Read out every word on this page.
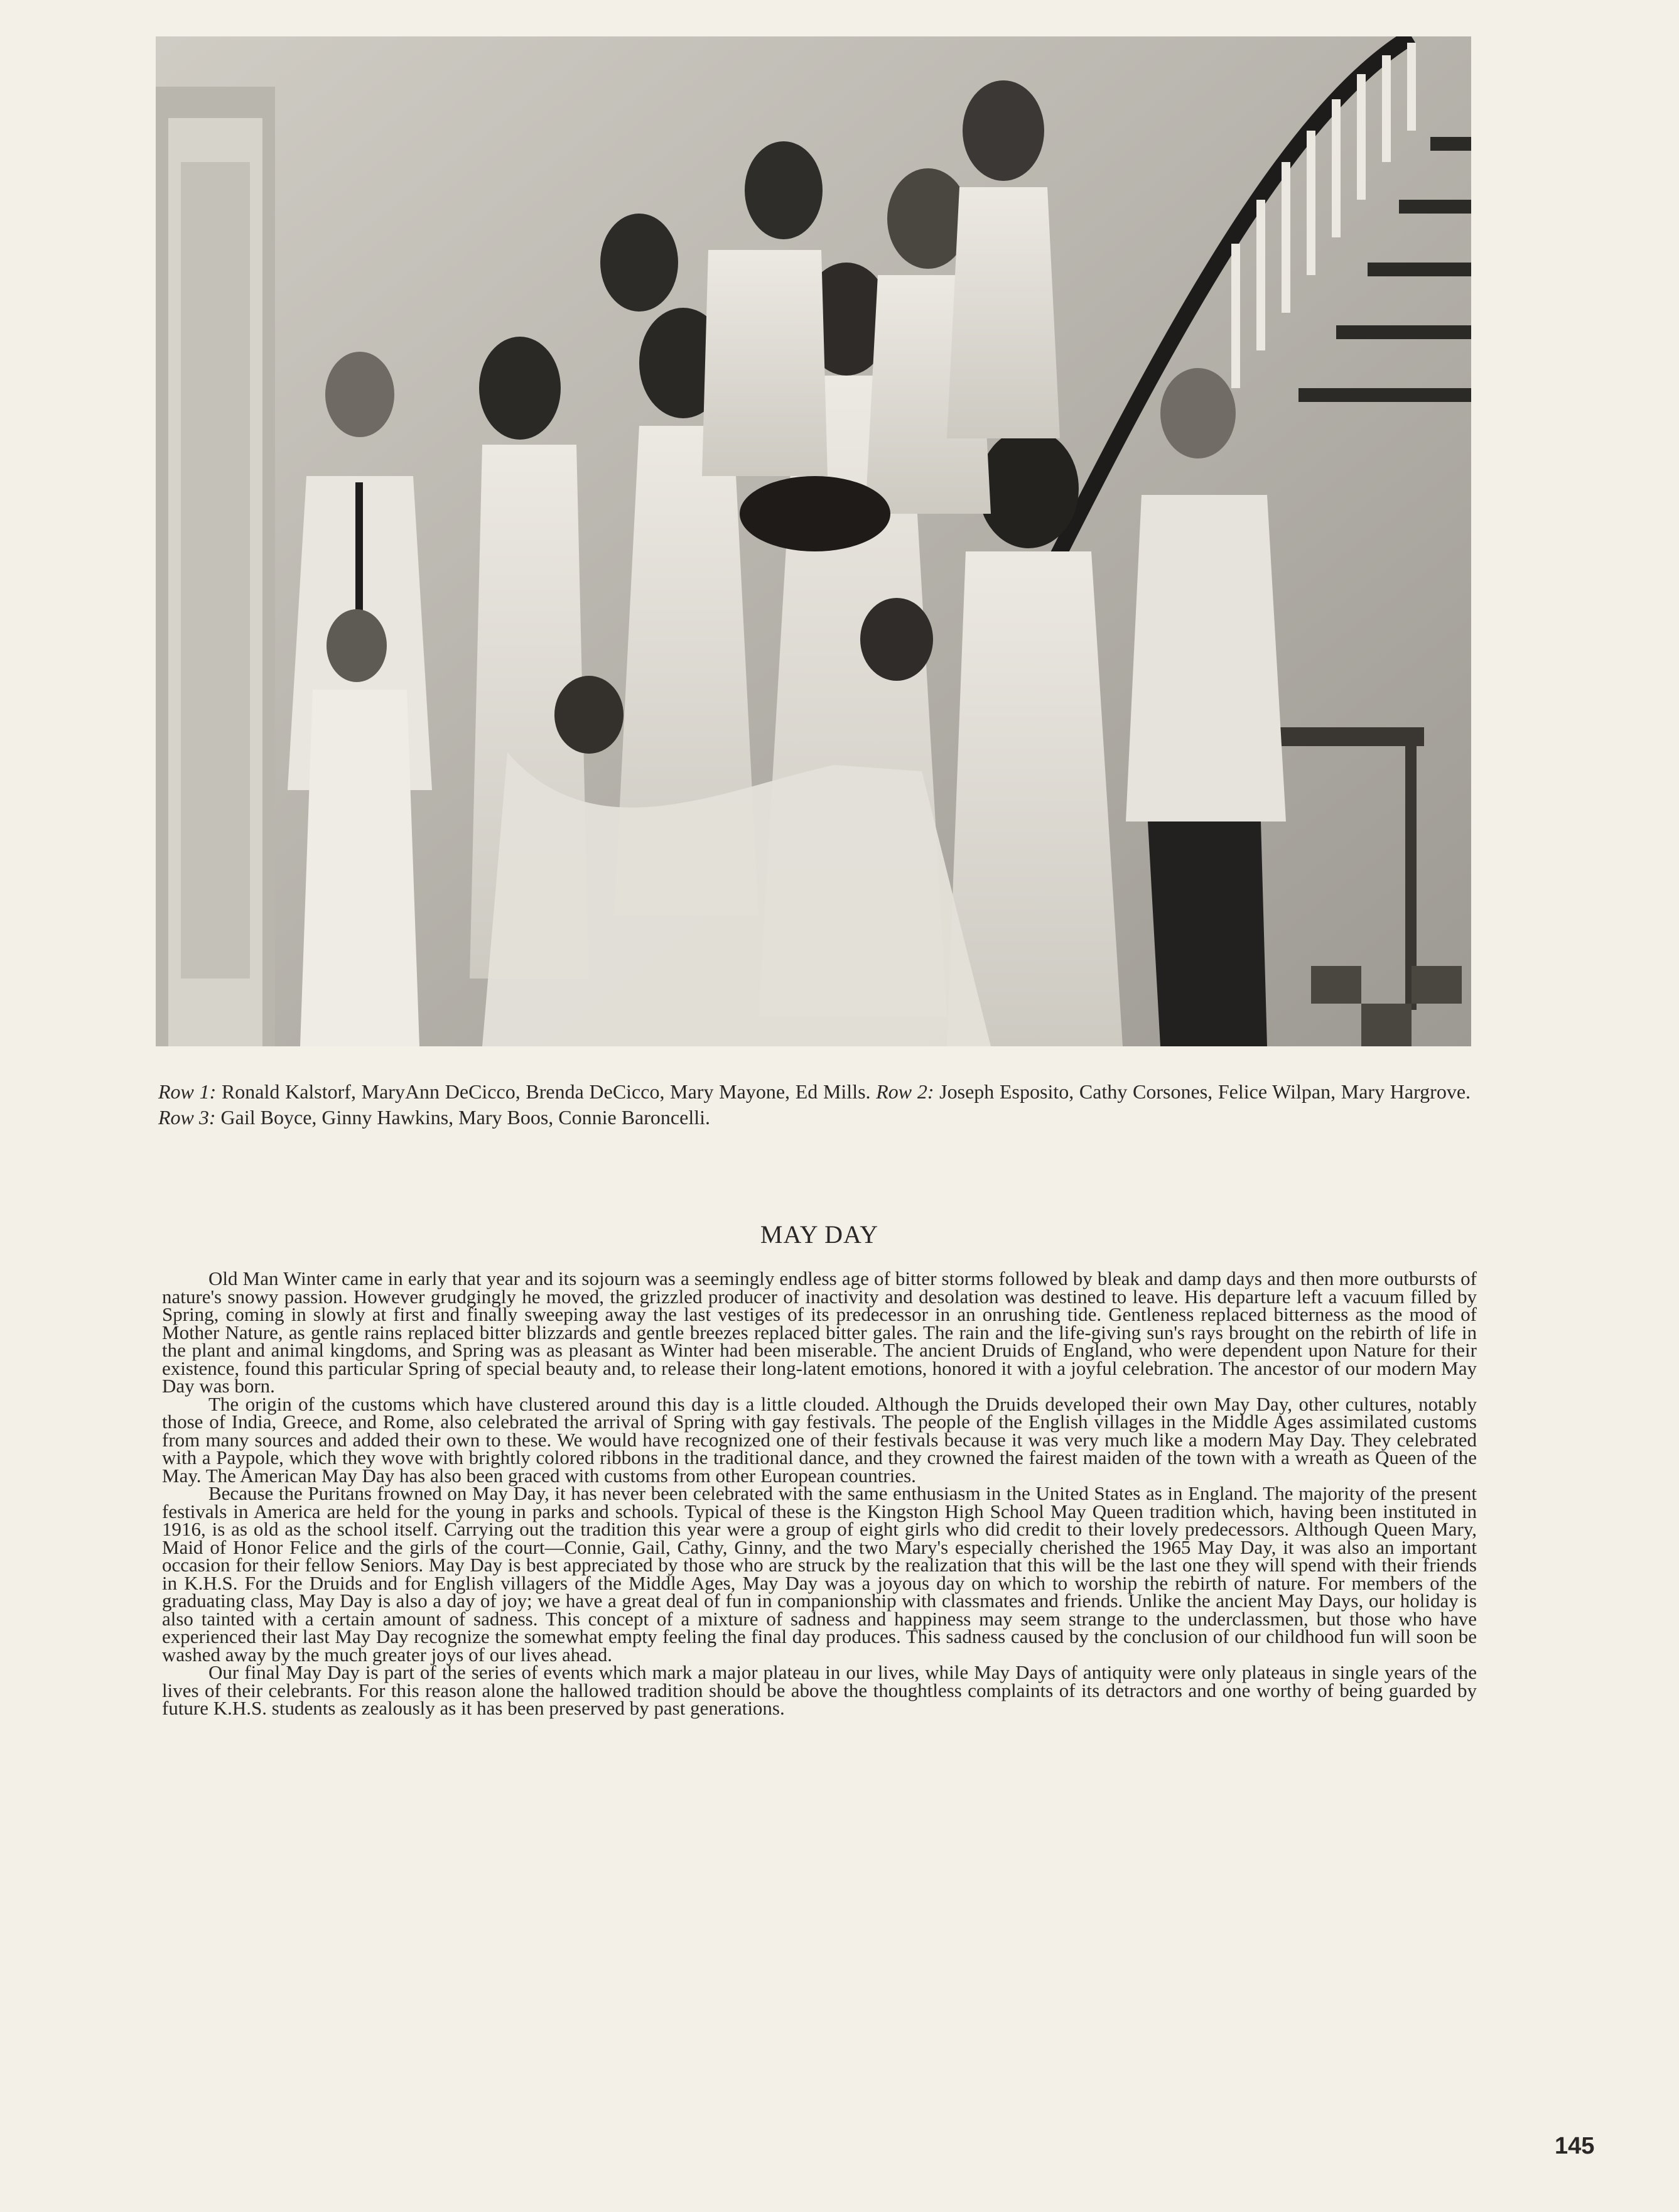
Row 1: Ronald Kalstorf, MaryAnn DeCicco, Brenda DeCicco, Mary Mayone, Ed Mills. Row 2: Joseph Esposito, Cathy Corsones, Felice Wilpan, Mary Hargrove. Row 3: Gail Boyce, Ginny Hawkins, Mary Boos, Connie Baroncelli.
MAY DAY

Old Man Winter came in early that year and its sojourn was a seemingly endless age of bitter storms followed by bleak and damp days and then more outbursts of nature's snowy passion. However grudgingly he moved, the grizzled producer of inactivity and desolation was destined to leave. His departure left a vacuum filled by Spring, coming in slowly at first and finally sweeping away the last vestiges of its predecessor in an onrushing tide. Gentleness replaced bitterness as the mood of Mother Nature, as gentle rains replaced bitter blizzards and gentle breezes replaced bitter gales. The rain and the life-giving sun's rays brought on the rebirth of life in the plant and animal kingdoms, and Spring was as pleasant as Winter had been miserable. The ancient Druids of England, who were dependent upon Nature for their existence, found this particular Spring of special beauty and, to release their long-latent emotions, honored it with a joyful celebration. The ancestor of our modern May Day was born.

The origin of the customs which have clustered around this day is a little clouded. Although the Druids developed their own May Day, other cultures, notably those of India, Greece, and Rome, also celebrated the arrival of Spring with gay festivals. The people of the English villages in the Middle Ages assimilated customs from many sources and added their own to these. We would have recognized one of their festivals because it was very much like a modern May Day. They celebrated with a Paypole, which they wove with brightly colored ribbons in the traditional dance, and they crowned the fairest maiden of the town with a wreath as Queen of the May. The American May Day has also been graced with customs from other European countries.

Because the Puritans frowned on May Day, it has never been celebrated with the same enthusiasm in the United States as in England. The majority of the present festivals in America are held for the young in parks and schools. Typical of these is the Kingston High School May Queen tradition which, having been instituted in 1916, is as old as the school itself. Carrying out the tradition this year were a group of eight girls who did credit to their lovely predecessors. Although Queen Mary, Maid of Honor Felice and the girls of the court—Connie, Gail, Cathy, Ginny, and the two Mary's especially cherished the 1965 May Day, it was also an important occasion for their fellow Seniors. May Day is best appreciated by those who are struck by the realization that this will be the last one they will spend with their friends in K.H.S. For the Druids and for English villagers of the Middle Ages, May Day was a joyous day on which to worship the rebirth of nature. For members of the graduating class, May Day is also a day of joy; we have a great deal of fun in companionship with classmates and friends. Unlike the ancient May Days, our holiday is also tainted with a certain amount of sadness. This concept of a mixture of sadness and happiness may seem strange to the underclassmen, but those who have experienced their last May Day recognize the somewhat empty feeling the final day produces. This sadness caused by the conclusion of our childhood fun will soon be washed away by the much greater joys of our lives ahead.

Our final May Day is part of the series of events which mark a major plateau in our lives, while May Days of antiquity were only plateaus in single years of the lives of their celebrants. For this reason alone the hallowed tradition should be above the thoughtless complaints of its detractors and one worthy of being guarded by future K.H.S. students as zealously as it has been preserved by past generations.

145
